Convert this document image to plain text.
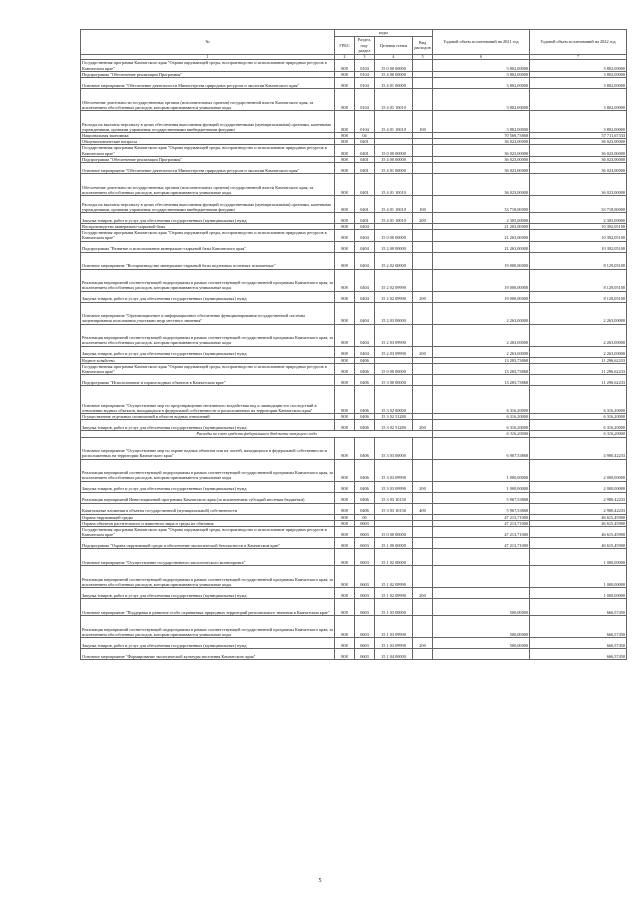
№	коды				Годовой объем ассигнований на 2021 год	Годовой объем ассигнований на 2022 год
	ГРБС	Раздел, под-раздел	Целевая статья	Вид расходов		
1	2	3	4	5	6	7
Государственная программа Камчатского края "Охрана окружающей среды, воспроизводство и использование природных ресурсов в Камчатском крае"	808	0104	15 0 00 00000		3 802,00000	3 802,00000
Подпрограмма "Обеспечение реализации Программы"	808	0104	15 4 00 00000		3 802,00000	3 802,00000
Основное мероприятие "Обеспечение деятельности Министерства природных ресурсов и экологии Камчатского края"	808	0104	15 4 01 00000		3 802,00000	3 802,00000
Обеспечение деятельности государственных органов (исполнительных органов) государственной власти Камчатского края, за исключением обособленных расходов, которым присваиваются уникальные коды	808	0104	15 4 01 10010		3 802,00000	3 802,00000
Расходы на выплаты персоналу в целях обеспечения выполнения функций государственными (муниципальными) органами, казенными учреждениями, органами управления государственными внебюджетными фондами	808	0104	15 4 01 10010	100	3 802,00000	3 802,00000
Национальная экономика	808	04			70 569,73868	57 711,67333
Общеэкономические вопросы	808	0401			36 023,00000	36 023,00000
Государственная программа Камчатского края "Охрана окружающей среды, воспроизводство и использование природных ресурсов в Камчатском крае"	808	0401	15 0 00 00000		36 023,00000	36 023,00000
Подпрограмма "Обеспечение реализации Программы"	808	0401	15 4 00 00000		36 023,00000	36 023,00000
Основное мероприятие "Обеспечение деятельности Министерства природных ресурсов и экологии Камчатского края"	808	0401	15 4 01 00000		36 023,00000	36 023,00000
Обеспечение деятельности государственных органов (исполнительных органов) государственной власти Камчатского края, за исключением обособленных расходов, которым присваиваются уникальные коды	808	0401	15 4 01 10010		36 023,00000	36 023,00000
Расходы на выплаты персоналу в целях обеспечения выполнения функций государственными (муниципальными) органами, казенными учреждениями, органами управления государственными внебюджетными фондами	808	0401	15 4 01 10010	100	33 718,00000	33 718,00000
Закупка товаров, работ и услуг для обеспечения государственных (муниципальных) нужд	808	0401	15 4 01 10010	200	2 305,00000	2 305,00000
Воспроизводство минерально-сырьевой базы	808	0404			21 263,00000	10 392,05100
Государственная программа Камчатского края "Охрана окружающей среды, воспроизводство и использование природных ресурсов в Камчатском крае"	808	0404	15 0 00 00000		21 263,00000	10 392,05100
Подпрограмма "Развитие и использование минерально-сырьевой базы Камчатского края"	808	0404	15 2 00 00000		21 263,00000	10 392,05100
Основное мероприятие "Воспроизводство минерально-сырьевой базы подземных полезных ископаемых"	808	0404	15 2 02 00000		19 000,00000	8 129,05100
Реализация мероприятий соответствующей подпрограммы в рамках соответствующей государственной программы Камчатского края, за исключением обособленных расходов, которым присваиваются уникальные коды	808	0404	15 2 02 09990		19 000,00000	8 129,05100
Закупка товаров, работ и услуг для обеспечения государственных (муниципальных) нужд	808	0404	15 2 02 09990	200	19 000,00000	8 129,05100
Основное мероприятие "Организационное и информационное обеспечение функционирования государственной системы лицензирования пользования участками недр местного значения"	808	0404	15 2 03 00000		2 263,00000	2 263,00000
Реализация мероприятий соответствующей подпрограммы в рамках соответствующей государственной программы Камчатского края, за исключением обособленных расходов, которым присваиваются уникальные коды	808	0404	15 2 03 09990		2 263,00000	2 263,00000
Закупка товаров, работ и услуг для обеспечения государственных (муниципальных) нужд	808	0404	15 2 03 09990	200	2 263,00000	2 263,00000
Водное хозяйство	808	0406			13 283,73868	11 296,62233
Государственная программа Камчатского края "Охрана окружающей среды, воспроизводство и использование природных ресурсов в Камчатском крае"	808	0406	15 0 00 00000		13 283,73868	11 296,62233
Подпрограмма "Использование и охрана водных объектов в Камчатском крае"	808	0406	15 3 00 00000		13 283,73868	11 296,62233
Основное мероприятие "Осуществление мер по предотвращению негативного воздействия вод и ликвидации его последствий в отношении водных объектов, находящихся в федеральной собственности и расположенных на территории Камчатского края"	808	0406	15 3 02 00000		6 316,20000	6 316,20000
Осуществление отдельных полномочий в области водных отношений	808	0406	15 3 02 51280		6 316,20000	6 316,20000
Закупка товаров, работ и услуг для обеспечения государственных (муниципальных) нужд	808	0406	15 3 02 51280	200	6 316,20000	6 316,20000
Расходы за счет средств федерального бюджета текущего года					6 316,20000	6 316,20000
Основное мероприятие "Осуществление мер по охране водных объектов или их частей, находящихся в федеральной собственности и расположенных на территории Камчатского края"	808	0406	15 3 03 00000		6 967,53868	4 980,42233
Реализация мероприятий соответствующей подпрограммы в рамках соответствующей государственной программы Камчатского края, за исключением обособленных расходов, которым присваиваются уникальные коды	808	0406	15 3 03 09990		1 000,00000	2 000,00000
Закупка товаров, работ и услуг для обеспечения государственных (муниципальных) нужд	808	0406	15 3 03 09990	200	1 000,00000	2 000,00000
Реализация мероприятий Инвестиционной программы Камчатского края (за исключением субсидий местным бюджетам)	808	0406	15 3 03 10130		5 967,53868	2 980,42233
Капитальные вложения в объекты государственной (муниципальной) собственности	808	0406	15 3 03 10130	400	5 967,53868	2 980,42233
Охрана окружающей среды	808	06			47 213,71000	46 615,45900
Охрана объектов растительного и животного мира и среды их обитания	808	0603			47 213,71000	46 615,45900
Государственная программа Камчатского края "Охрана окружающей среды, воспроизводство и использование природных ресурсов в Камчатском крае"	808	0603	15 0 00 00000		47 213,71000	46 615,45900
Подпрограмма "Охрана окружающей среды и обеспечение экологической безопасности в Камчатском крае"	808	0603	15 1 00 00000		47 213,71000	46 615,45900
Основное мероприятие "Осуществление государственного экологического мониторинга"	808	0603	15 1 02 00000			1 000,00000
Реализация мероприятий соответствующей подпрограммы в рамках соответствующей государственной программы Камчатского края, за исключением обособленных расходов, которым присваиваются уникальные коды	808	0603	15 1 02 09990			1 000,00000
Закупка товаров, работ и услуг для обеспечения государственных (муниципальных) нужд	808	0603	15 1 02 09990	200		1 000,00000
Основное мероприятие "Поддержка и развитие особо охраняемых природных территорий регионального значения в Камчатском крае"	808	0603	15 1 03 00000		500,00000	666,57450
Реализация мероприятий соответствующей подпрограммы в рамках соответствующей государственной программы Камчатского края, за исключением обособленных расходов, которым присваиваются уникальные коды	808	0603	15 1 03 09990		500,00000	666,57450
Закупка товаров, работ и услуг для обеспечения государственных (муниципальных) нужд	808	0603	15 1 03 09990	200	500,00000	666,57450
Основное мероприятие "Формирование экологической культуры населения Камчатского края"	808	0603	15 1 04 00000			666,57450
5
